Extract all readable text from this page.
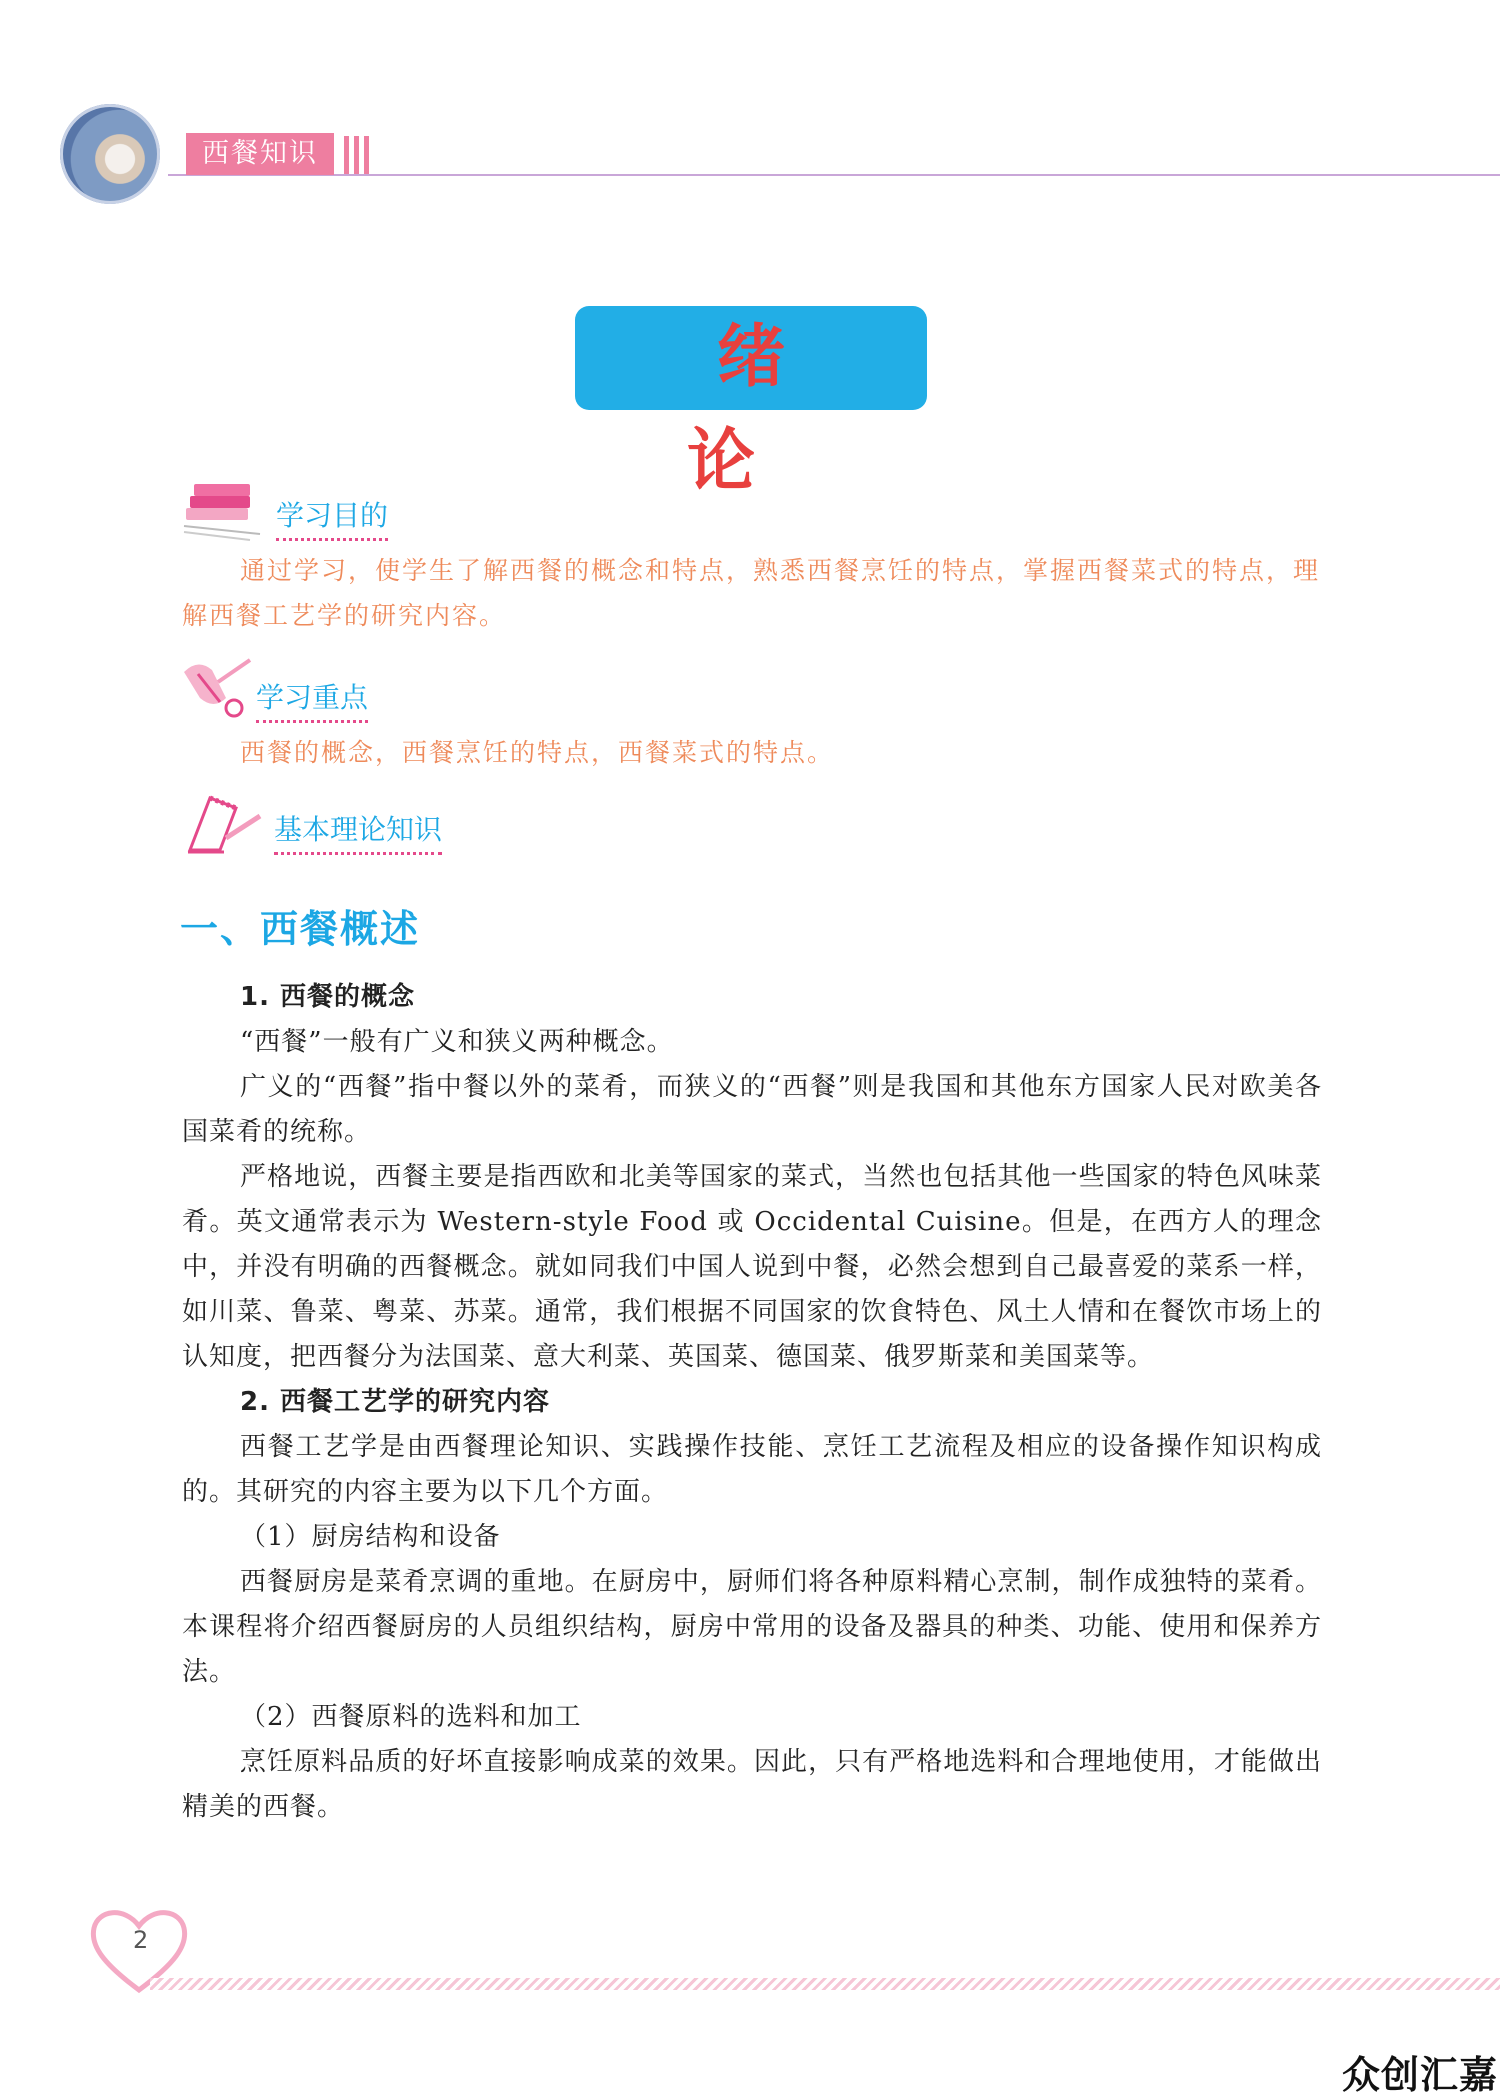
西餐知识
绪 论
学习目的
通过学习，使学生了解西餐的概念和特点，熟悉西餐烹饪的特点，掌握西餐菜式的特点，理解西餐工艺学的研究内容。
学习重点
西餐的概念，西餐烹饪的特点，西餐菜式的特点。
基本理论知识
一、西餐概述

1. 西餐的概念

“西餐”一般有广义和狭义两种概念。

广义的“西餐”指中餐以外的菜肴，而狭义的“西餐”则是我国和其他东方国家人民对欧美各国菜肴的统称。

严格地说，西餐主要是指西欧和北美等国家的菜式，当然也包括其他一些国家的特色风味菜肴。英文通常表示为 Western-style Food 或 Occidental Cuisine。但是，在西方人的理念中，并没有明确的西餐概念。就如同我们中国人说到中餐，必然会想到自己最喜爱的菜系一样，如川菜、鲁菜、粤菜、苏菜。通常，我们根据不同国家的饮食特色、风土人情和在餐饮市场上的认知度，把西餐分为法国菜、意大利菜、英国菜、德国菜、俄罗斯菜和美国菜等。

2. 西餐工艺学的研究内容

西餐工艺学是由西餐理论知识、实践操作技能、烹饪工艺流程及相应的设备操作知识构成的。其研究的内容主要为以下几个方面。

（1）厨房结构和设备

西餐厨房是菜肴烹调的重地。在厨房中，厨师们将各种原料精心烹制，制作成独特的菜肴。本课程将介绍西餐厨房的人员组织结构，厨房中常用的设备及器具的种类、功能、使用和保养方法。

（2）西餐原料的选料和加工

烹饪原料品质的好坏直接影响成菜的效果。因此，只有严格地选料和合理地使用，才能做出精美的西餐。

2
众创汇嘉
